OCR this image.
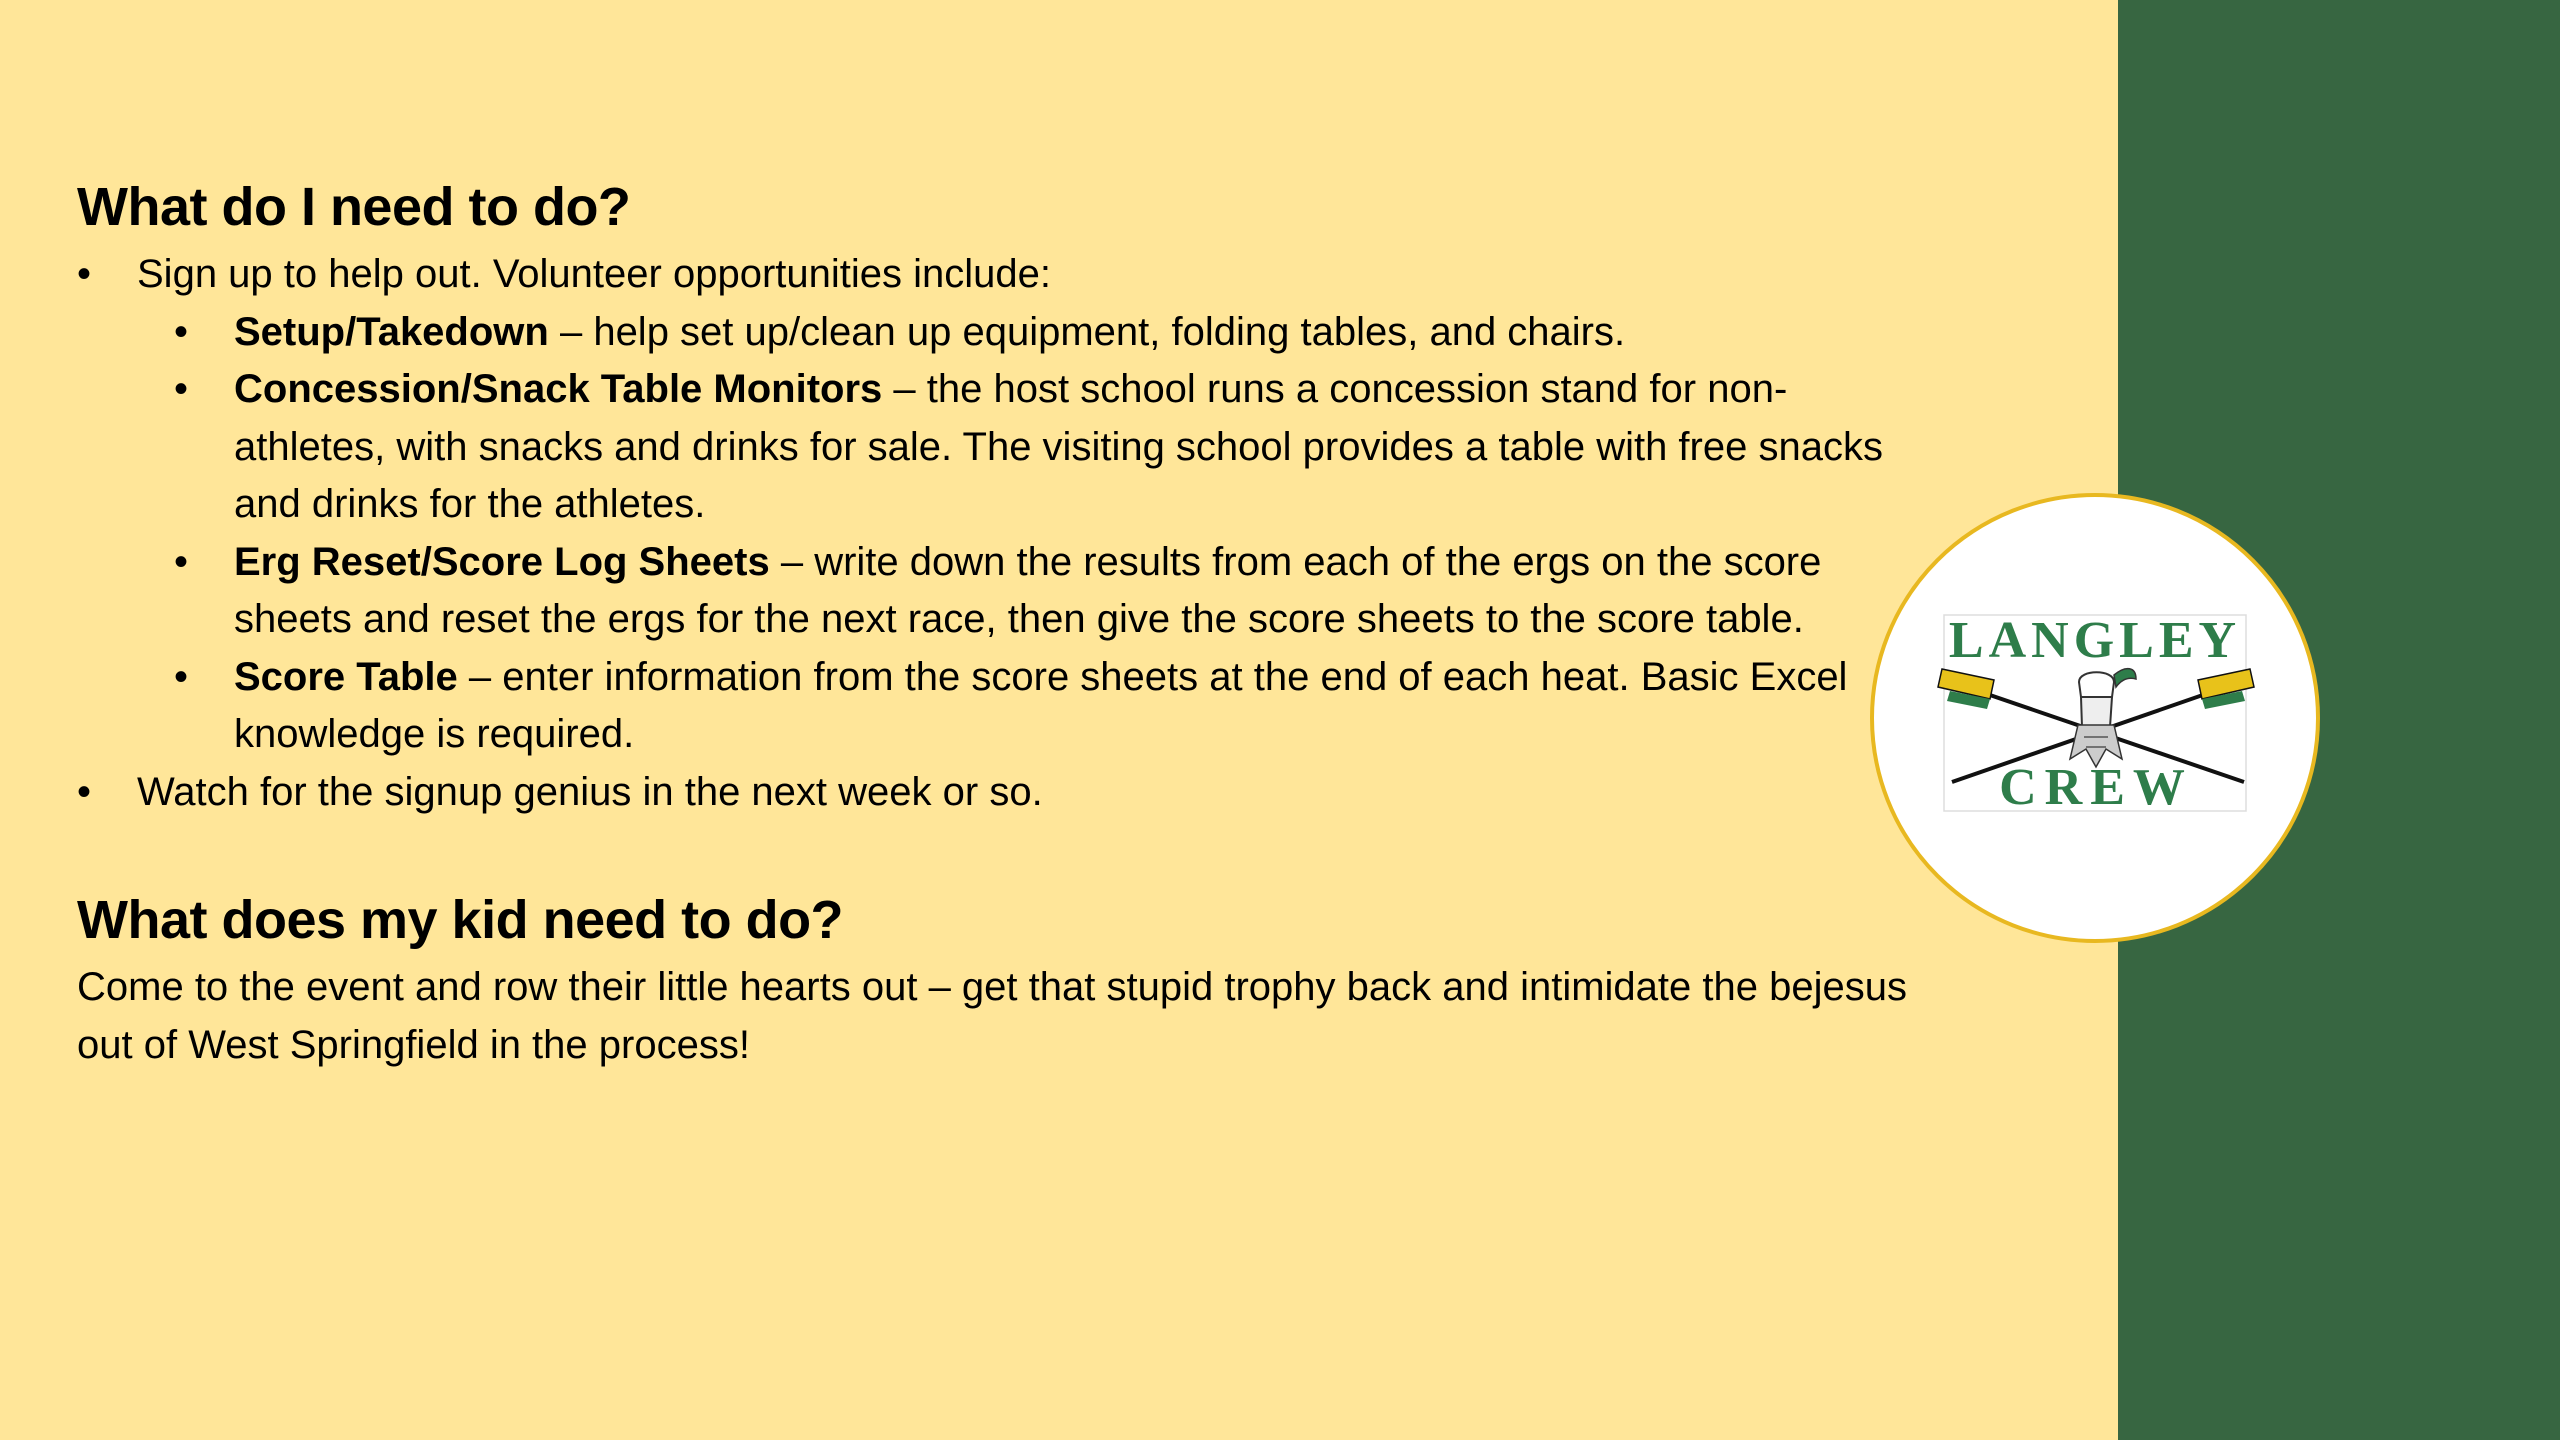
What do I need to do?
•	Sign up to help out. Volunteer opportunities include:
•	Setup/Takedown – help set up/clean up equipment, folding tables, and chairs.
•	Concession/Snack Table Monitors – the host school runs a concession stand for non-athletes, with snacks and drinks for sale. The visiting school provides a table with free snacks and drinks for the athletes.
•	Erg Reset/Score Log Sheets – write down the results from each of the ergs on the score sheets and reset the ergs for the next race, then give the score sheets to the score table.
•	Score Table – enter information from the score sheets at the end of each heat. Basic Excel knowledge is required.
•	Watch for the signup genius in the next week or so.
What does my kid need to do?

Come to the event and row their little hearts out – get that stupid trophy back and intimidate the bejesus out of West Springfield in the process!

LANGLEY
CREW
